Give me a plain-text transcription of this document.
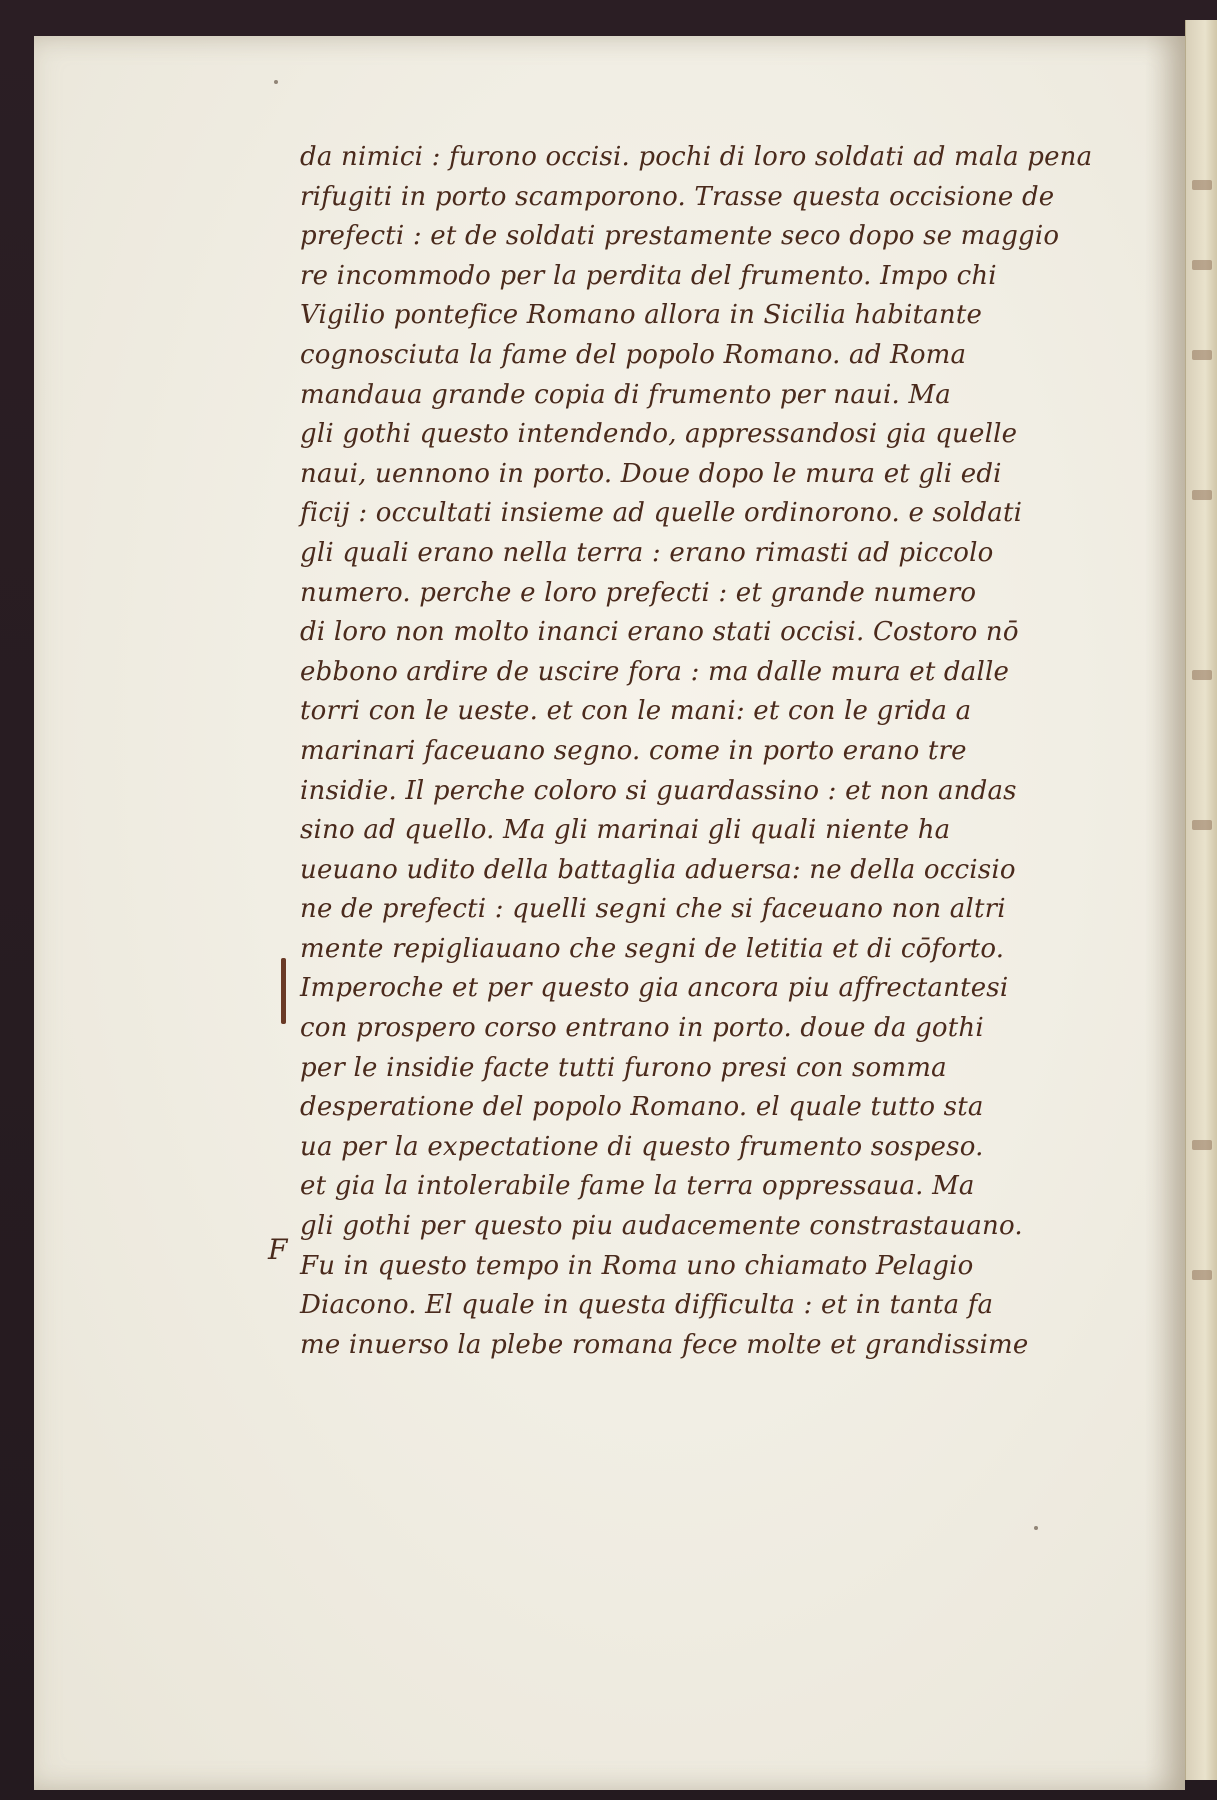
F
da nimici : furono occisi. pochi di loro soldati ad mala pena
rifugiti in porto scamporono. Trasse questa occisione de
prefecti : et de soldati prestamente seco dopo se maggio
re incommodo per la perdita del frumento. Impo chi
Vigilio pontefice Romano allora in Sicilia habitante
cognosciuta la fame del popolo Romano. ad Roma
mandaua grande copia di frumento per naui. Ma
gli gothi questo intendendo, appressandosi gia quelle
naui, uennono in porto. Doue dopo le mura et gli edi
ficij : occultati insieme ad quelle ordinorono. e soldati
gli quali erano nella terra : erano rimasti ad piccolo
numero. perche e loro prefecti : et grande numero
di loro non molto inanci erano stati occisi. Costoro nō
ebbono ardire de uscire fora : ma dalle mura et dalle
torri con le ueste. et con le mani: et con le grida a
marinari faceuano segno. come in porto erano tre
insidie. Il perche coloro si guardassino : et non andas
sino ad quello. Ma gli marinai gli quali niente ha
ueuano udito della battaglia aduersa: ne della occisio
ne de prefecti : quelli segni che si faceuano non altri
mente repigliauano che segni de letitia et di cōforto.
Imperoche et per questo gia ancora piu affrectantesi
con prospero corso entrano in porto. doue da gothi
per le insidie facte tutti furono presi con somma
desperatione del popolo Romano. el quale tutto sta
ua per la expectatione di questo frumento sospeso.
et gia la intolerabile fame la terra oppressaua. Ma
gli gothi per questo piu audacemente constrastauano.
Fu in questo tempo in Roma uno chiamato Pelagio
Diacono. El quale in questa difficulta : et in tanta fa
me inuerso la plebe romana fece molte et grandissime
